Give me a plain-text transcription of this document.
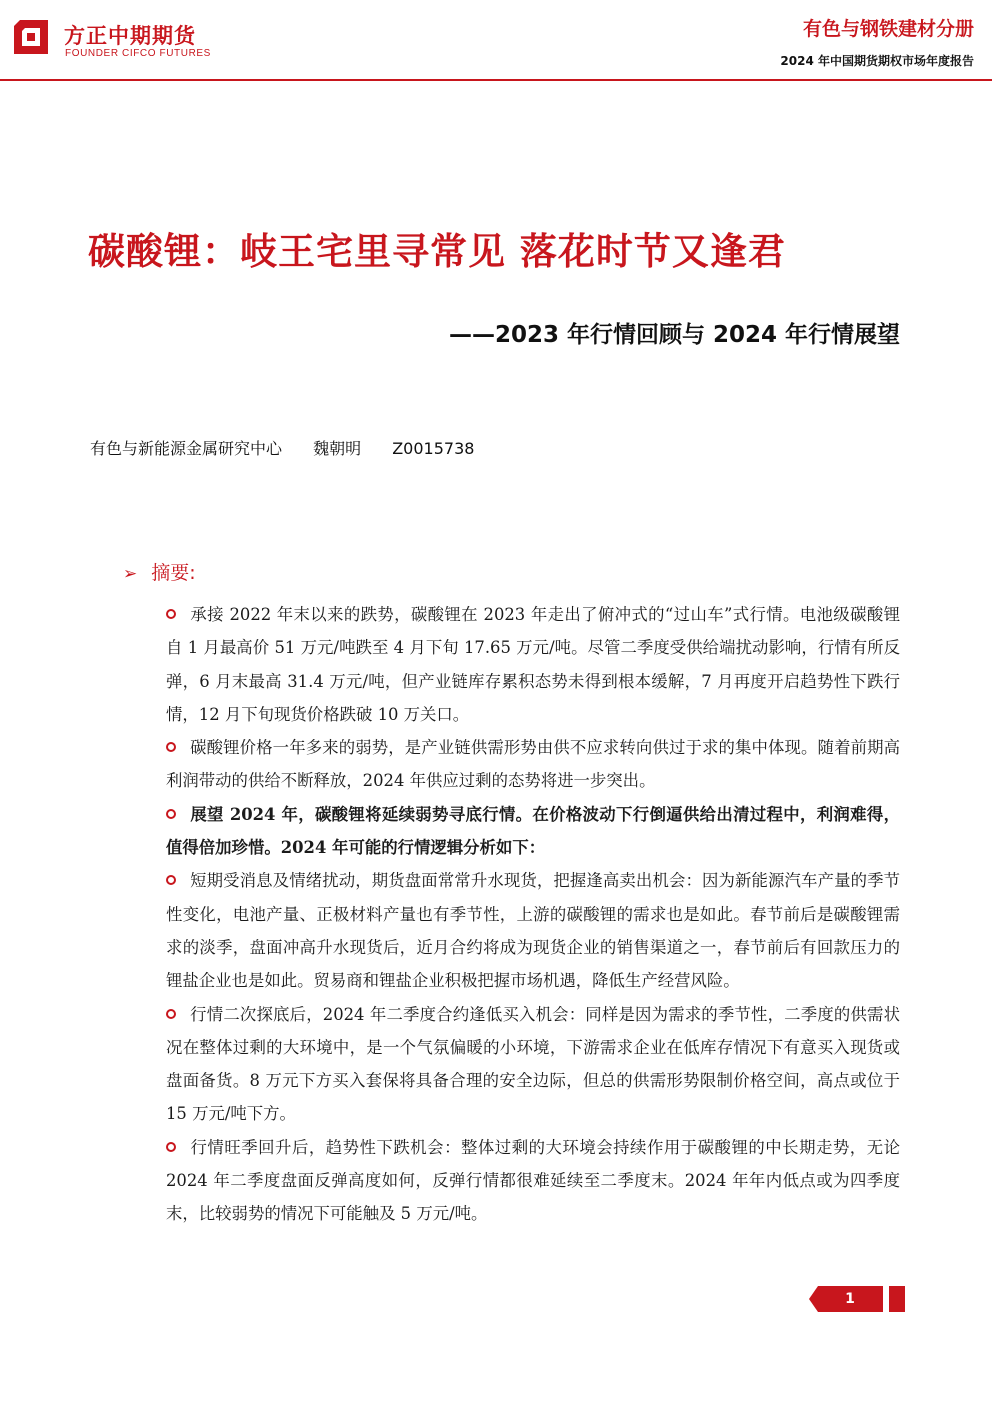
方正中期期货
FOUNDER CIFCO FUTURES
有色与钢铁建材分册
2024 年中国期货期权市场年度报告
碳酸锂：岐王宅里寻常见 落花时节又逢君
——2023 年行情回顾与 2024 年行情展望
有色与新能源金属研究中心 魏朝明 Z0015738
➢ 摘要:

承接 2022 年末以来的跌势，碳酸锂在 2023 年走出了俯冲式的“过山车”式行情。电池级碳酸锂自 1 月最高价 51 万元/吨跌至 4 月下旬 17.65 万元/吨。尽管二季度受供给端扰动影响，行情有所反弹，6 月末最高 31.4 万元/吨，但产业链库存累积态势未得到根本缓解，7 月再度开启趋势性下跌行情，12 月下旬现货价格跌破 10 万关口。

碳酸锂价格一年多来的弱势，是产业链供需形势由供不应求转向供过于求的集中体现。随着前期高利润带动的供给不断释放，2024 年供应过剩的态势将进一步突出。

展望 2024 年，碳酸锂将延续弱势寻底行情。在价格波动下行倒逼供给出清过程中，利润难得，值得倍加珍惜。2024 年可能的行情逻辑分析如下：

短期受消息及情绪扰动，期货盘面常常升水现货，把握逢高卖出机会：因为新能源汽车产量的季节性变化，电池产量、正极材料产量也有季节性，上游的碳酸锂的需求也是如此。春节前后是碳酸锂需求的淡季，盘面冲高升水现货后，近月合约将成为现货企业的销售渠道之一，春节前后有回款压力的锂盐企业也是如此。贸易商和锂盐企业积极把握市场机遇，降低生产经营风险。

行情二次探底后，2024 年二季度合约逢低买入机会：同样是因为需求的季节性，二季度的供需状况在整体过剩的大环境中，是一个气氛偏暖的小环境，下游需求企业在低库存情况下有意买入现货或盘面备货。8 万元下方买入套保将具备合理的安全边际，但总的供需形势限制价格空间，高点或位于 15 万元/吨下方。

行情旺季回升后，趋势性下跌机会：整体过剩的大环境会持续作用于碳酸锂的中长期走势，无论 2024 年二季度盘面反弹高度如何，反弹行情都很难延续至二季度末。2024 年年内低点或为四季度末，比较弱势的情况下可能触及 5 万元/吨。

1
